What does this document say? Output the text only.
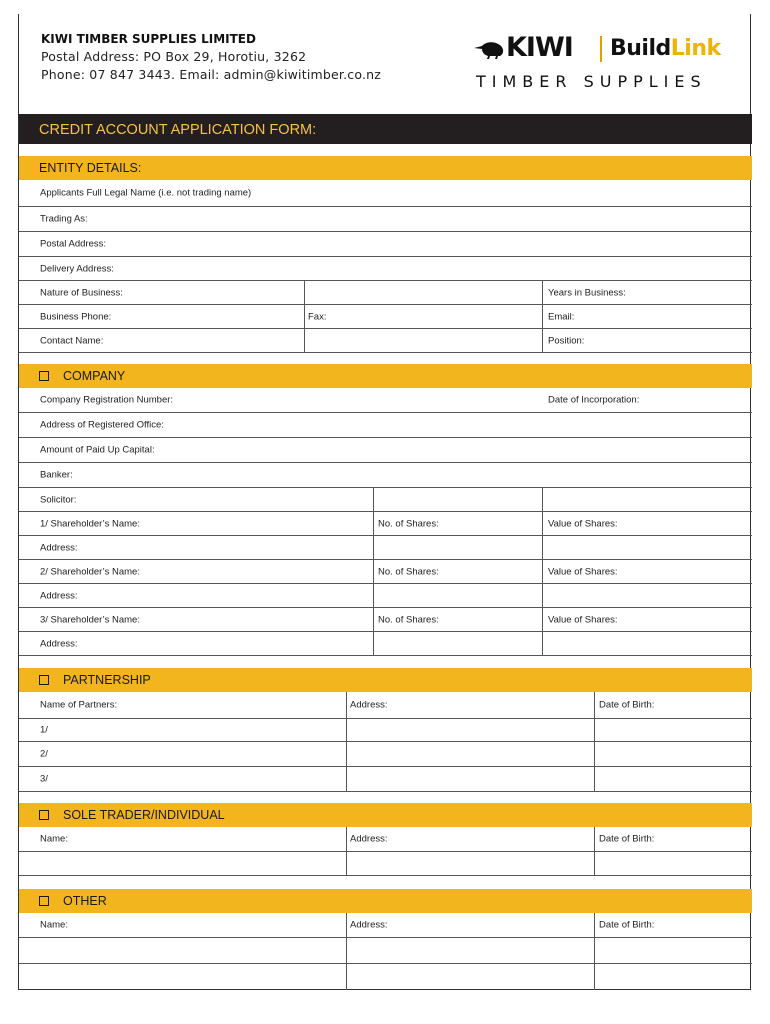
KIWI TIMBER SUPPLIES LIMITED
Postal Address: PO Box 29, Horotiu, 3262
Phone: 07 847 3443. Email: admin@kiwitimber.co.nz
KIWI BuildLink
TIMBER SUPPLIES
CREDIT ACCOUNT APPLICATION FORM:
ENTITY DETAILS:
Applicants Full Legal Name (i.e. not trading name)
Trading As:
Postal Address:
Delivery Address:
Nature of Business:	Years in Business:
Business Phone:	Fax:	Email:
Contact Name:	Position:
COMPANY
Company Registration Number:	Date of Incorporation:
Address of Registered Office:
Amount of Paid Up Capital:
Banker:
Solicitor:
1/ Shareholder’s Name:	No. of Shares:	Value of Shares:
Address:
2/ Shareholder’s Name:	No. of Shares:	Value of Shares:
Address:
3/ Shareholder’s Name:	No. of Shares:	Value of Shares:
Address:
PARTNERSHIP
Name of Partners:	Address:	Date of Birth:
1/
2/
3/
SOLE TRADER/INDIVIDUAL
Name:	Address:	Date of Birth:
OTHER
Name:	Address:	Date of Birth:
